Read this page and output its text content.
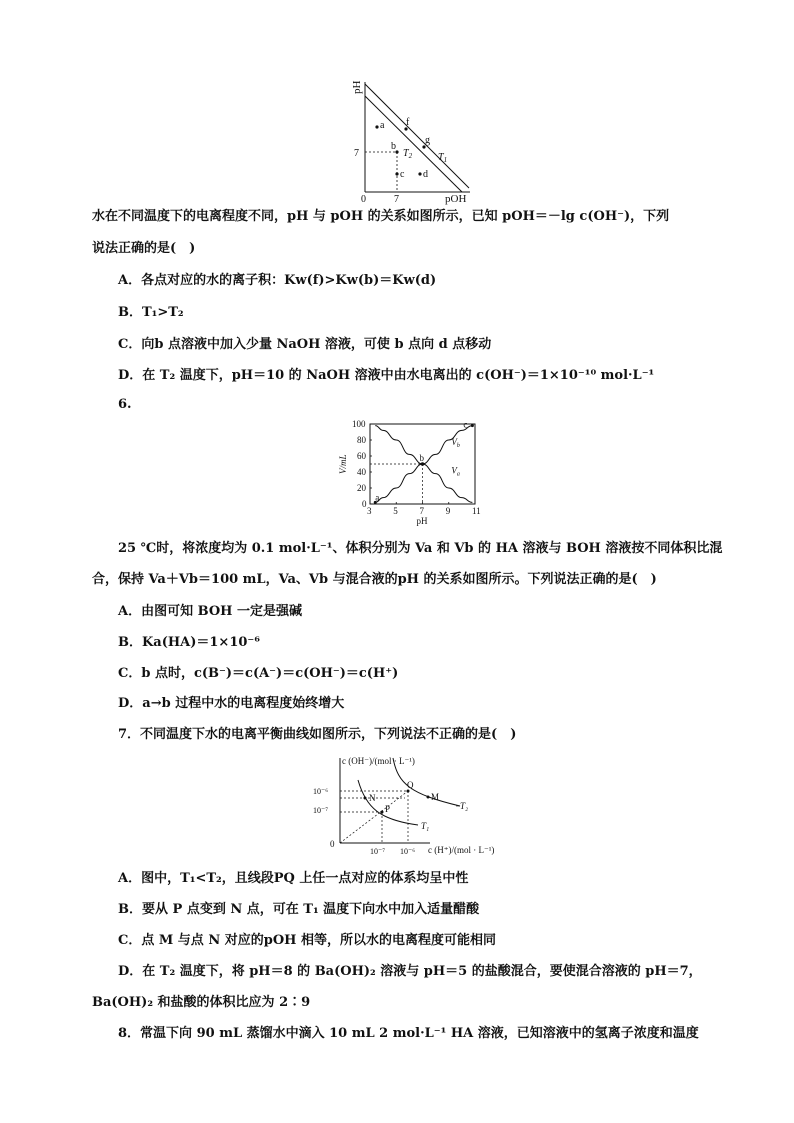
pH
pOH
0	7
7
a
b
c d
f
g
$T_2$	$T_1$
水在不同温度下的电离程度不同，pH 与 pOH 的关系如图所示，已知 pOH＝－lg c(OH⁻)，下列
说法正确的是(　)
A．各点对应的水的离子积：Kw(f)>Kw(b)＝Kw(d)
B．T₁>T₂
C．向b 点溶液中加入少量 NaOH 溶液，可使 b 点向 d 点移动
D．在 T₂ 温度下，pH＝10 的 NaOH 溶液中由水电离出的 c(OH⁻)＝1×10⁻¹⁰ mol·L⁻¹
6.
3 5 7 9 11
0
20
40
60
80
100
pH
V/mL
a
b
c
$V_b$
$V_a$
25 ℃时，将浓度均为 0.1 mol·L⁻¹、体积分别为 Va 和 Vb 的 HA 溶液与 BOH 溶液按不同体积比混
合，保持 Va＋Vb＝100 mL，Va、Vb 与混合液的pH 的关系如图所示。下列说法正确的是(　)
A．由图可知 BOH 一定是强碱
B．Ka(HA)＝1×10⁻⁶
C．b 点时，c(B⁻)＝c(A⁻)＝c(OH⁻)＝c(H⁺)
D．a→b 过程中水的电离程度始终增大
7．不同温度下水的电离平衡曲线如图所示，下列说法不正确的是(　)
c (OH⁻)/(mol · L⁻¹)
c (H⁺)/(mol · L⁻¹)
0
10⁻⁶
10⁻⁷
10⁻⁷ 10⁻⁶
Q
M
N
P	T₂
T₁
A．图中，T₁<T₂，且线段PQ 上任一点对应的体系均呈中性
B．要从 P 点变到 N 点，可在 T₁ 温度下向水中加入适量醋酸
C．点 M 与点 N 对应的pOH 相等，所以水的电离程度可能相同
D．在 T₂ 温度下，将 pH＝8 的 Ba(OH)₂ 溶液与 pH＝5 的盐酸混合，要使混合溶液的 pH＝7，
Ba(OH)₂ 和盐酸的体积比应为 2∶9
8．常温下向 90 mL 蒸馏水中滴入 10 mL 2 mol·L⁻¹ HA 溶液，已知溶液中的氢离子浓度和温度
